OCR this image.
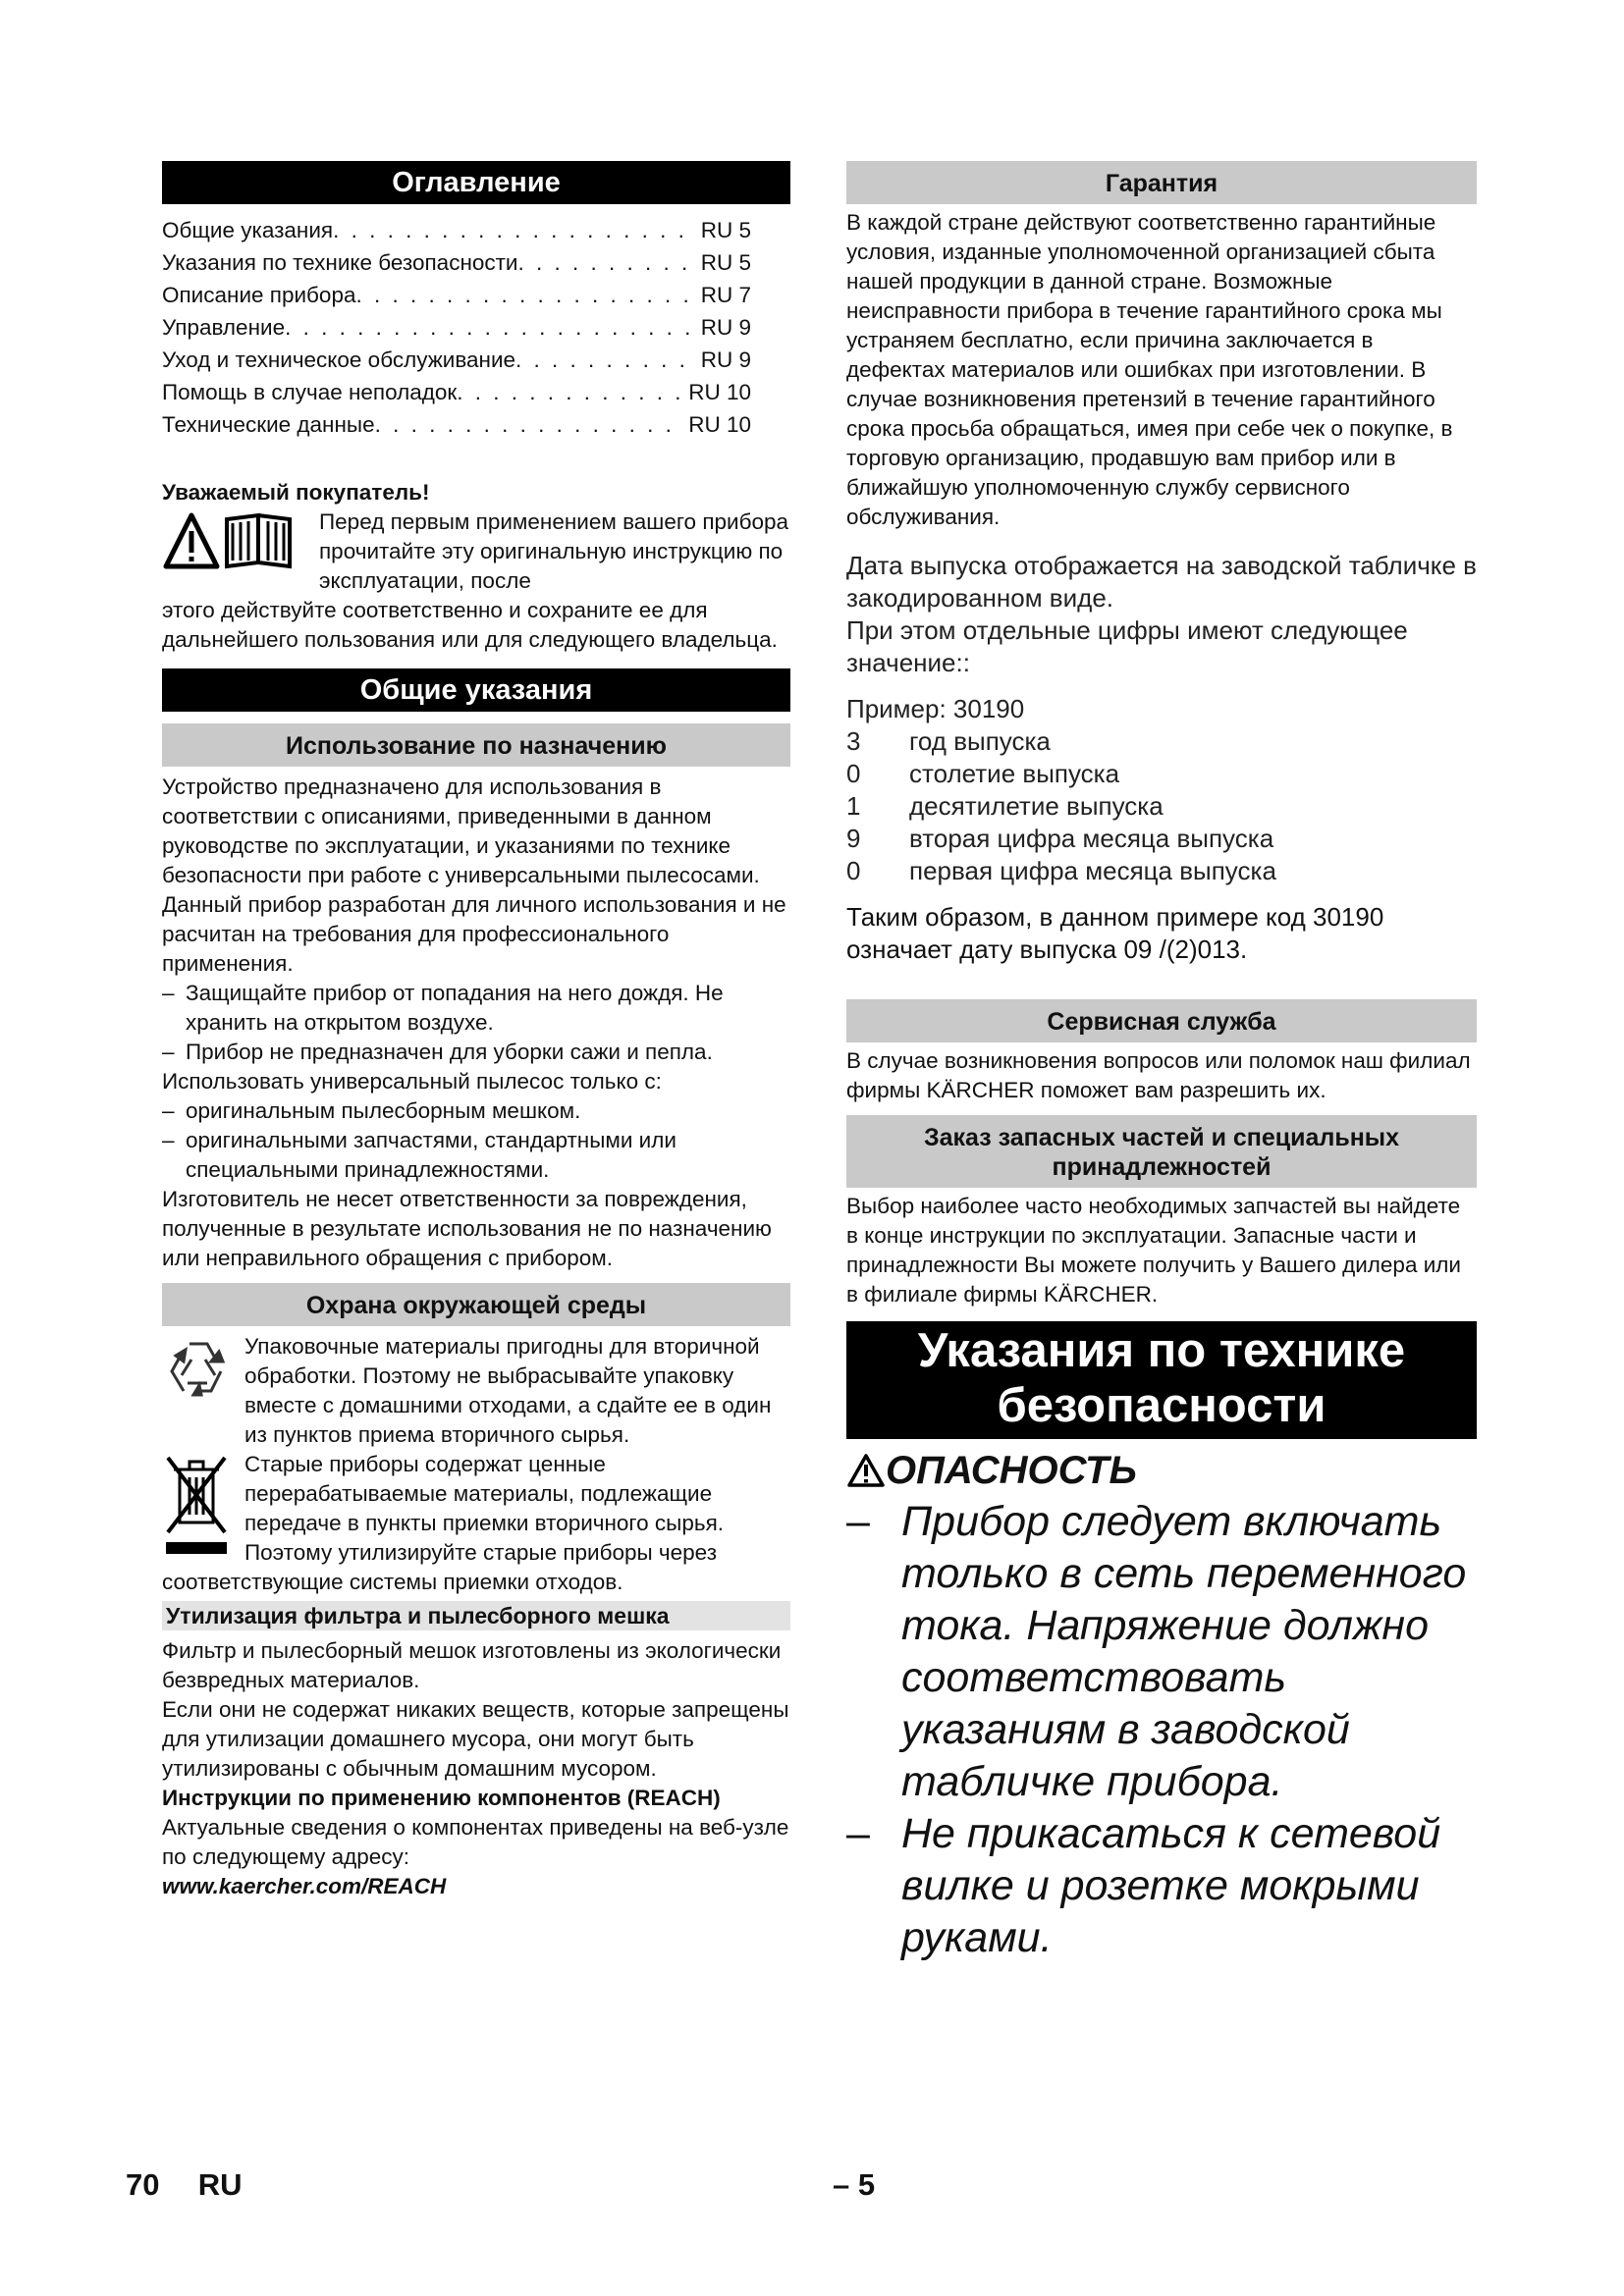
Оглавление
Общие указания . . .	RU 5
Указания по технике безопасности . . .	RU 5
Описание прибора . . .	RU 7
Управление . . .	RU 9
Уход и техническое обслуживание . . .	RU 9
Помощь в случае неполадок . . .	RU 10
Технические данные . . .	RU 10
Уважаемый покупатель!
Перед первым применением вашего прибора прочитайте эту оригинальную инструкцию по эксплуатации, после
этого действуйте соответственно и сохраните ее для дальнейшего пользования или для следующего владельца.
Общие указания
Использование по назначению

Устройство предназначено для использования в соответствии с описаниями, приведенными в данном руководстве по эксплуатации, и указаниями по технике безопасности при работе с универсальными пылесосами.

Данный прибор разработан для личного использования и не расчитан на требования для профессионального применения.

– Защищайте прибор от попадания на него дождя. Не хранить на открытом воздухе.
– Прибор не предназначен для уборки сажи и пепла.

Использовать универсальный пылесос только с:

– оригинальным пылесборным мешком.
– оригинальными запчастями, стандартными или специальными принадлежностями.

Изготовитель не несет ответственности за повреждения, полученные в результате использования не по назначению или неправильного обращения с прибором.

Охрана окружающей среды
Упаковочные материалы пригодны для вторичной обработки. Поэтому не выбрасывайте упаковку вместе с домашними отходами, а сдайте ее в один из пунктов приема вторичного сырья.
Старые приборы содержат ценные перерабатываемые материалы, подлежащие передаче в пункты приемки вторичного сырья. Поэтому утилизируйте старые приборы через
соответствующие системы приемки отходов.
Утилизация фильтра и пылесборного мешка

Фильтр и пылесборный мешок изготовлены из экологически безвредных материалов.

Если они не содержат никаких веществ, которые запрещены для утилизации домашнего мусора, они могут быть утилизированы с обычным домашним мусором.

Инструкции по применению компонентов (REACH)

Актуальные сведения о компонентах приведены на веб-узле по следующему адресу:

www.kaercher.com/REACH

Гарантия
В каждой стране действуют соответственно гарантийные условия, изданные уполномоченной организацией сбыта нашей продукции в данной стране. Возможные неисправности прибора в течение гарантийного срока мы устраняем бесплатно, если причина заключается в дефектах материалов или ошибках при изготовлении. В случае возникновения претензий в течение гарантийного срока просьба обращаться, имея при себе чек о покупке, в торговую организацию, продавшую вам прибор или в ближайшую уполномоченную службу сервисного обслуживания.
Дата выпуска отображается на заводской табличке в закодированном виде.
При этом отдельные цифры имеют следующее значение::
Пример: 30190
3	год выпуска
0	столетие выпуска
1	десятилетие выпуска
9	вторая цифра месяца выпуска
0	первая цифра месяца выпуска
Таким образом, в данном примере код 30190 означает дату выпуска 09 /(2)013.
Сервисная служба
В случае возникновения вопросов или поломок наш филиал фирмы KÄRCHER поможет вам разрешить их.
Заказ запасных частей и специальных принадлежностей
Выбор наиболее часто необходимых запчастей вы найдете в конце инструкции по эксплуатации. Запасные части и принадлежности Вы можете получить у Вашего дилера или в филиале фирмы KÄRCHER.
Указания по технике безопасности
ОПАСНОСТЬ
– Прибор следует включать только в сеть переменного тока. Напряжение должно соответствовать указаниям в заводской табличке прибора.
– Не прикасаться к сетевой вилке и розетке мокрыми руками.
70 RU	– 5
